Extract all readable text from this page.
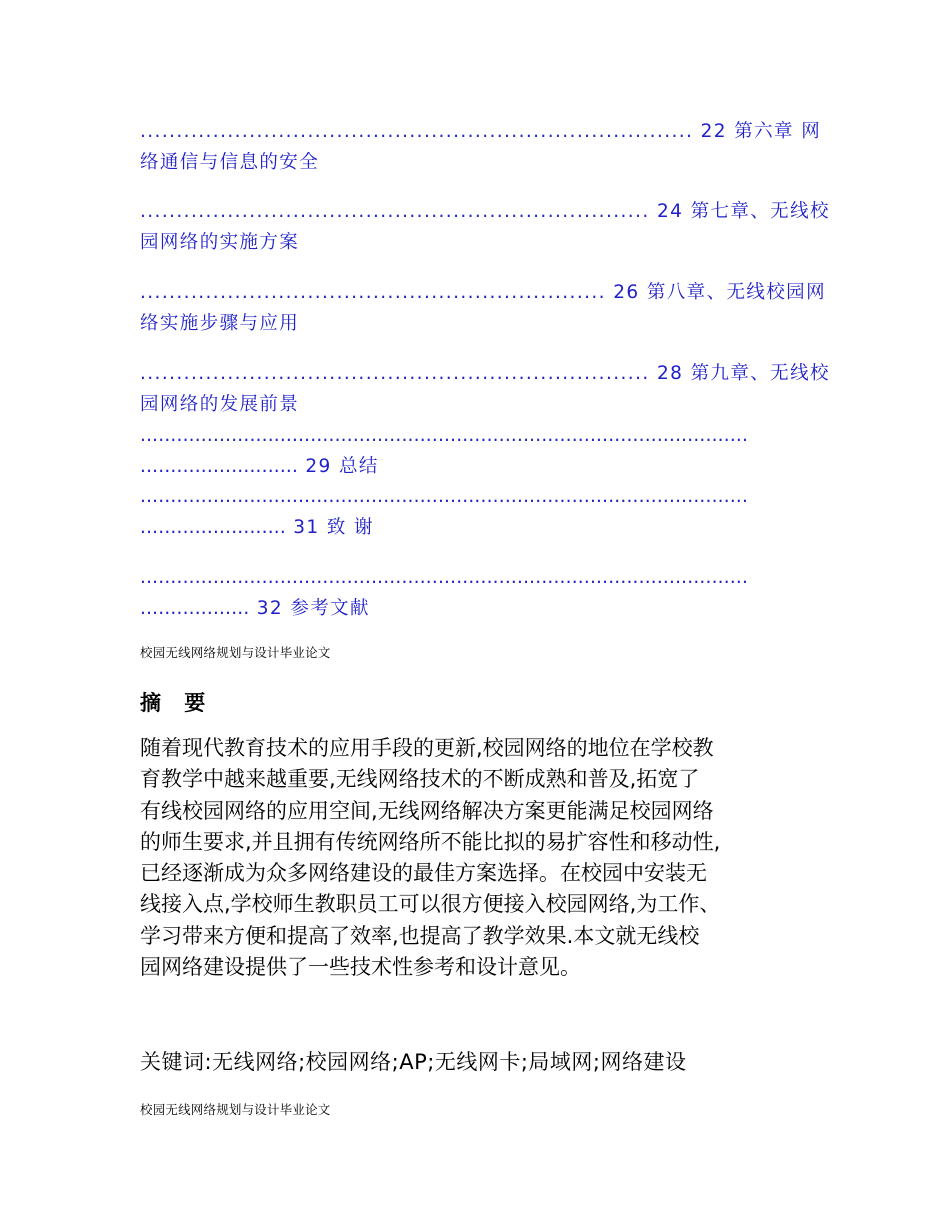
............................................................................ 22 第六章 网
络通信与信息的安全
...................................................................... 24 第七章、无线校
园网络的实施方案
................................................................ 26 第八章、无线校园网
络实施步骤与应用
...................................................................... 28 第九章、无线校
园网络的发展前景
....................................................................................................
.......................... 29 总结
....................................................................................................
........................ 31 致 谢
....................................................................................................
.................. 32 参考文献
校园无线网络规划与设计毕业论文
摘 要
随着现代教育技术的应用手段的更新,校园网络的地位在学校教
育教学中越来越重要,无线网络技术的不断成熟和普及,拓宽了
有线校园网络的应用空间,无线网络解决方案更能满足校园网络
的师生要求,并且拥有传统网络所不能比拟的易扩容性和移动性,
已经逐渐成为众多网络建设的最佳方案选择。在校园中安装无
线接入点,学校师生教职员工可以很方便接入校园网络,为工作、
学习带来方便和提高了效率,也提高了教学效果.本文就无线校
园网络建设提供了一些技术性参考和设计意见。
关键词:无线网络;校园网络;AP;无线网卡;局域网;网络建设
校园无线网络规划与设计毕业论文
